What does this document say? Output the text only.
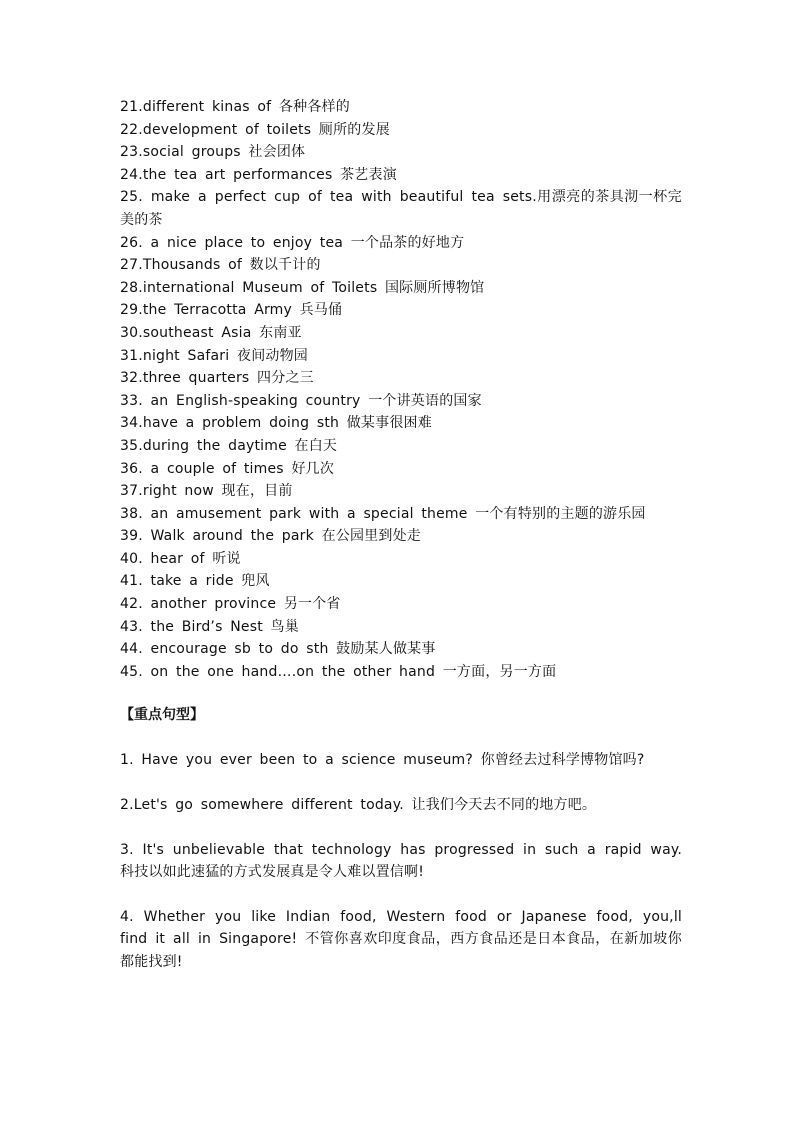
21.different kinas of 各种各样的
22.development of toilets 厕所的发展
23.social groups 社会团体
24.the tea art performances 茶艺表演
25. make a perfect cup of tea with beautiful tea sets.用漂亮的茶具沏一杯完美的茶
26. a nice place to enjoy tea 一个品茶的好地方
27.Thousands of 数以千计的
28.international Museum of Toilets 国际厕所博物馆
29.the Terracotta Army 兵马俑
30.southeast Asia 东南亚
31.night Safari 夜间动物园
32.three quarters 四分之三
33. an English-speaking country 一个讲英语的国家
34.have a problem doing sth 做某事很困难
35.during the daytime 在白天
36. a couple of times 好几次
37.right now 现在，目前
38. an amusement park with a special theme 一个有特别的主题的游乐园
39. Walk around the park 在公园里到处走
40. hear of 听说
41. take a ride 兜风
42. another province 另一个省
43. the Bird’s Nest 鸟巢
44. encourage sb to do sth 鼓励某人做某事
45. on the one hand….on the other hand 一方面，另一方面
【重点句型】

1. Have you ever been to a science museum? 你曾经去过科学博物馆吗?

2.Let's go somewhere different today. 让我们今天去不同的地方吧。

3. It's unbelievable that technology has progressed in such a rapid way. 科技以如此速猛的方式发展真是令人难以置信啊!

4. Whether you like Indian food, Western food or Japanese food, you,ll find it all in Singapore! 不管你喜欢印度食品，西方食品还是日本食品，在新加坡你都能找到!
